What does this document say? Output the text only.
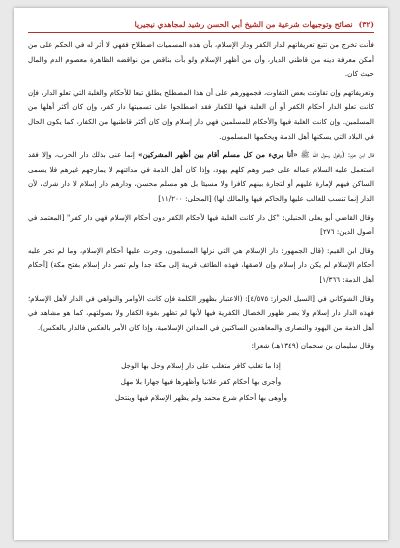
(٣٢)
نصائح وتوجيهات شرعية من الشيخ أبي الحسن رشيد لمجاهدي نيجيريا

فأنت تخرج من تتبع تعريفاتهم لدار الكفر ودار الإسلام، بأن هذه المسميات اصطلاح فقهي لا أثر له في الحكم على من أمكن معرفة دينه من قاطني الديار، وأن من أظهر الإسلام ولو بأت بناقض من نواقضه الظاهرة معصوم الدم والمال حيث كان.

وتعريفاتهم وإن تفاوتت بعض التفاوت، فجمهورهم على أن هذا المصطلح يطلق تبعا للأحكام والغلبة التي تعلو الدار، فإن كانت تعلو الدار أحكام الكفر أو أن الغلبة فيها للكفار فقد اصطلحوا على تسميتها دار كفر، وإن كان أكثر أهلها من المسلمين. وإن كانت الغلبة فيها والأحكام للمسلمين فهي دار إسلام وإن كان أكثر قاطنيها من الكفار، كما يكون الحال في البلاد التي يسكنها أهل الذمة ويحكمها المسلمون.

قال ابن حزم: (وقول رسول الله ﷺ «أنا بريء من كل مسلم أقام بين أظهر المشركين» إنما عنى بذلك دار الحرب، وإلا فقد استعمل عليه السلام عماله على خيبر وهم كلهم يهود، وإذا كان أهل الذمة في مدائنهم لا يمازجهم غيرهم فلا يسمى الساكن فيهم لإمارة عليهم أو لتجارة بينهم كافرا ولا مسيئا بل هو مسلم محسن، ودارهم دار إسلام لا دار شرك، لأن الدار إنما تنسب للغالب عليها والحاكم فيها والمالك لها) [المحلى: ١١/٢٠٠]

وقال القاضي أبو يعلى الحنبلي: "كل دار كانت الغلبة فيها لأحكام الكفر دون أحكام الإسلام فهي دار كفر" [المعتمد في أصول الدين: ٢٧٦]

وقال ابن القيم: (قال الجمهور: دار الإسلام هي التي نزلها المسلمون، وجرت عليها أحكام الإسلام، وما لم تجر عليه أحكام الإسلام لم يكن دار إسلام وإن لاصقها، فهذه الطائف قريبة إلى مكة جدا ولم تصر دار إسلام بفتح مكة) [أحكام أهل الذمة: ١/٣٦٦]

وقال الشوكاني في [السيل الجرار: ٤/٥٧٥]: (الاعتبار بظهور الكلمة فإن كانت الأوامر والنواهي في الدار لأهل الإسلام؛ فهذه الدار دار إسلام ولا يضر ظهور الخصال الكفرية فيها لأنها لم تظهر بقوة الكفار ولا بصولتهم، كما هو مشاهد في أهل الذمة من اليهود والنصارى والمعاهدين الساكنين في المدائن الإسلامية، وإذا كان الأمر بالعكس فالدار بالعكس).

وقال سليمان بن سحمان (١٣٤٩هـ) شعرا:

إذا ما تغلب كافر متغلب على دار إسلام وحل بها الوجل
وأجرى بها أحكام كفر علانيا وأظهرها فيها جهارا بلا مهل
وأوهى بها أحكام شرع محمد ولم يظهر الإسلام فيها وينتحل
